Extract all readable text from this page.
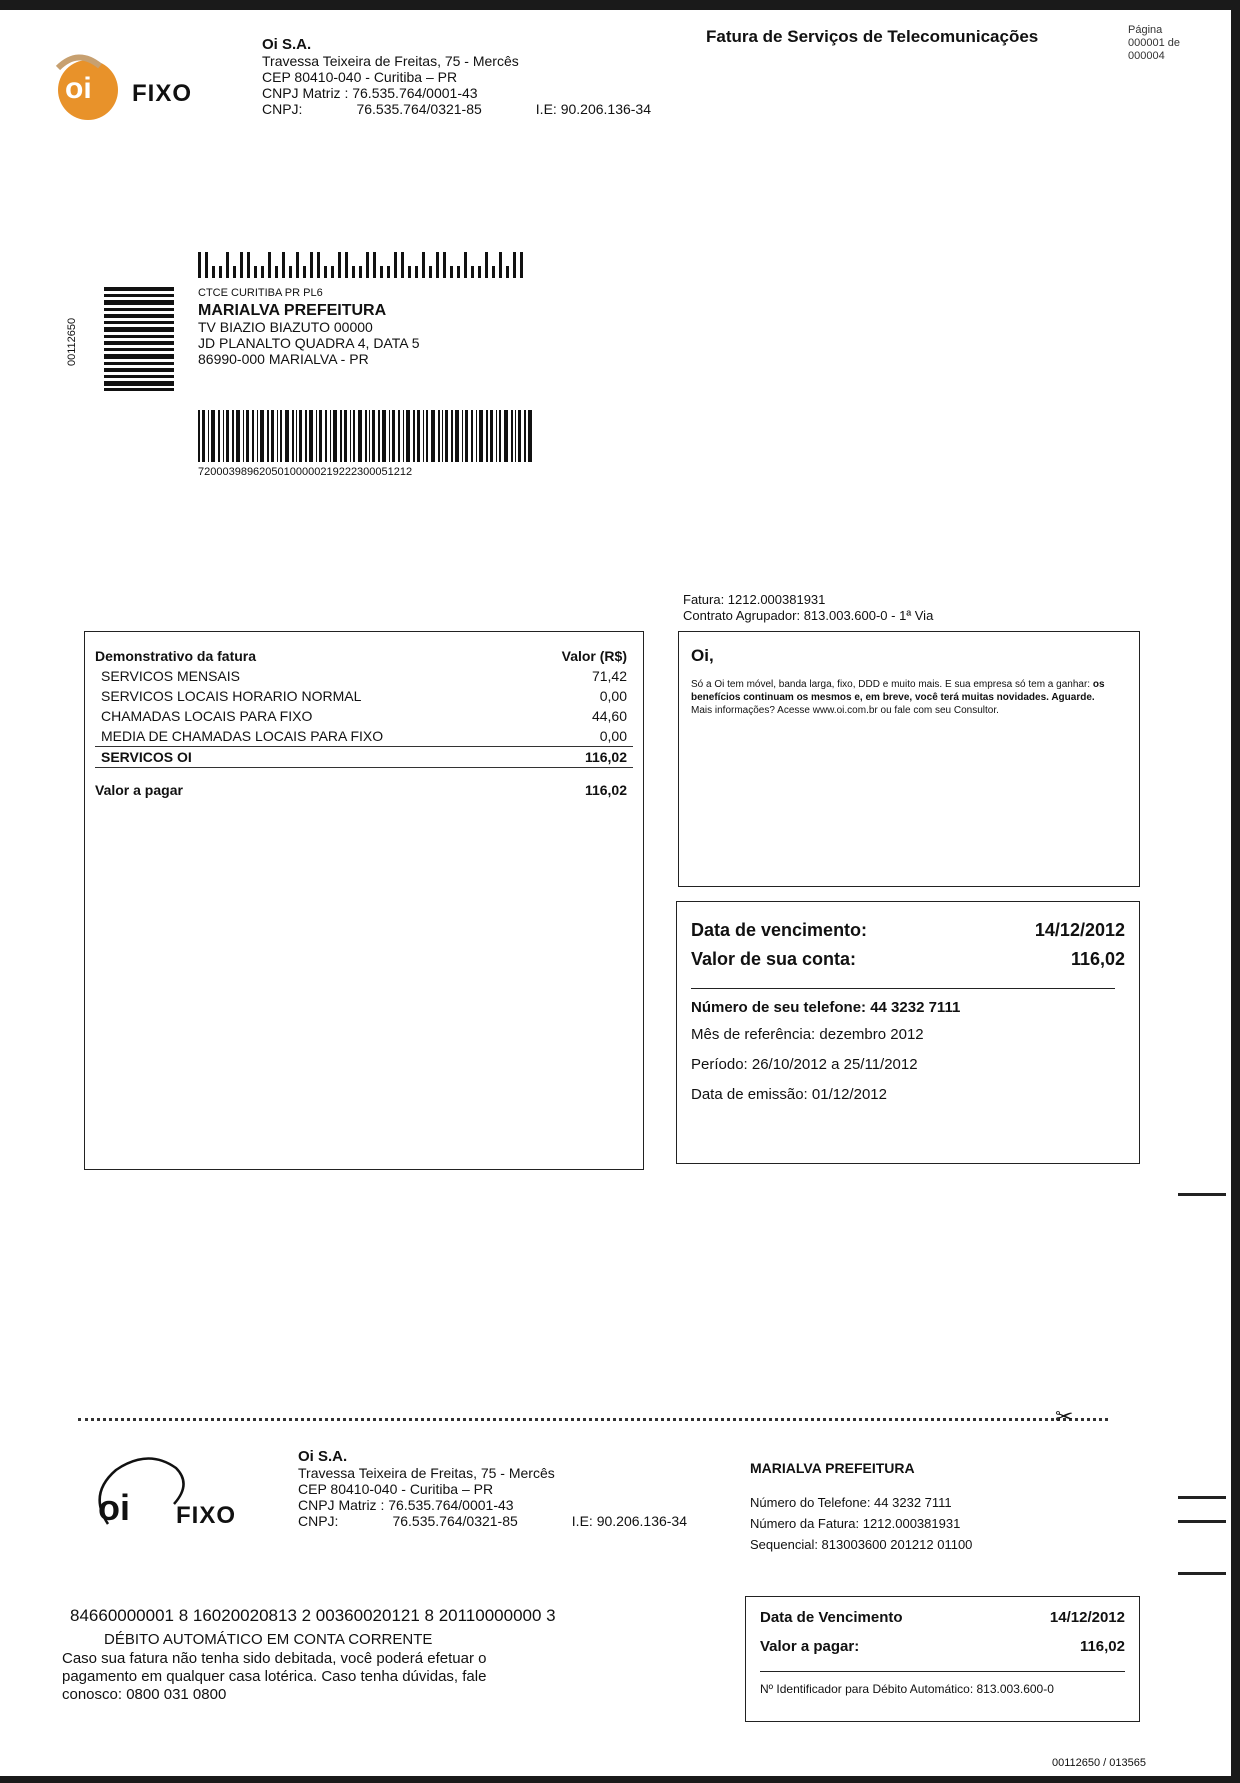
oi FIXO
Oi S.A.
Travessa Teixeira de Freitas, 75 - Mercês
CEP 80410-040 - Curitiba – PR
CNPJ Matriz : 76.535.764/0001-43
CNPJ:	76.535.764/0321-85	I.E: 90.206.136-34
Fatura de Serviços de Telecomunicações	Página
000001 de
000004
00112650
CTCE CURITIBA PR PL6
MARIALVA PREFEITURA
TV BIAZIO BIAZUTO 00000
JD PLANALTO QUADRA 4, DATA 5
86990-000 MARIALVA - PR
72000398962050100000219222300051212
Fatura: 1212.000381931
Contrato Agrupador: 813.003.600-0 - 1ª Via
Demonstrativo da fatura	Valor (R$)
SERVICOS MENSAIS	71,42
SERVICOS LOCAIS HORARIO NORMAL	0,00
CHAMADAS LOCAIS PARA FIXO	44,60
MEDIA DE CHAMADAS LOCAIS PARA FIXO	0,00
SERVICOS OI	116,02

Valor a pagar	116,02
Oi,
Só a Oi tem móvel, banda larga, fixo, DDD e muito mais. E sua empresa só tem a ganhar: os benefícios continuam os mesmos e, em breve, você terá muitas novidades. Aguarde.
Mais informações? Acesse www.oi.com.br ou fale com seu Consultor.
Data de vencimento:	14/12/2012
Valor de sua conta:	116,02
Número de seu telefone: 44 3232 7111
Mês de referência: dezembro 2012
Período: 26/10/2012 a 25/11/2012
Data de emissão: 01/12/2012
✂
oi FIXO
Oi S.A.
Travessa Teixeira de Freitas, 75 - Mercês
CEP 80410-040 - Curitiba – PR
CNPJ Matriz : 76.535.764/0001-43
CNPJ:	76.535.764/0321-85	I.E: 90.206.136-34
MARIALVA PREFEITURA
Número do Telefone: 44 3232 7111
Número da Fatura: 1212.000381931
Sequencial: 813003600 201212 01100
84660000001 8 16020020813 2 00360020121 8 20110000000 3
DÉBITO AUTOMÁTICO EM CONTA CORRENTE
Caso sua fatura não tenha sido debitada, você poderá efetuar o pagamento em qualquer casa lotérica. Caso tenha dúvidas, fale conosco: 0800 031 0800
Data de Vencimento	14/12/2012
Valor a pagar:	116,02
Nº Identificador para Débito Automático: 813.003.600-0
00112650 / 013565
